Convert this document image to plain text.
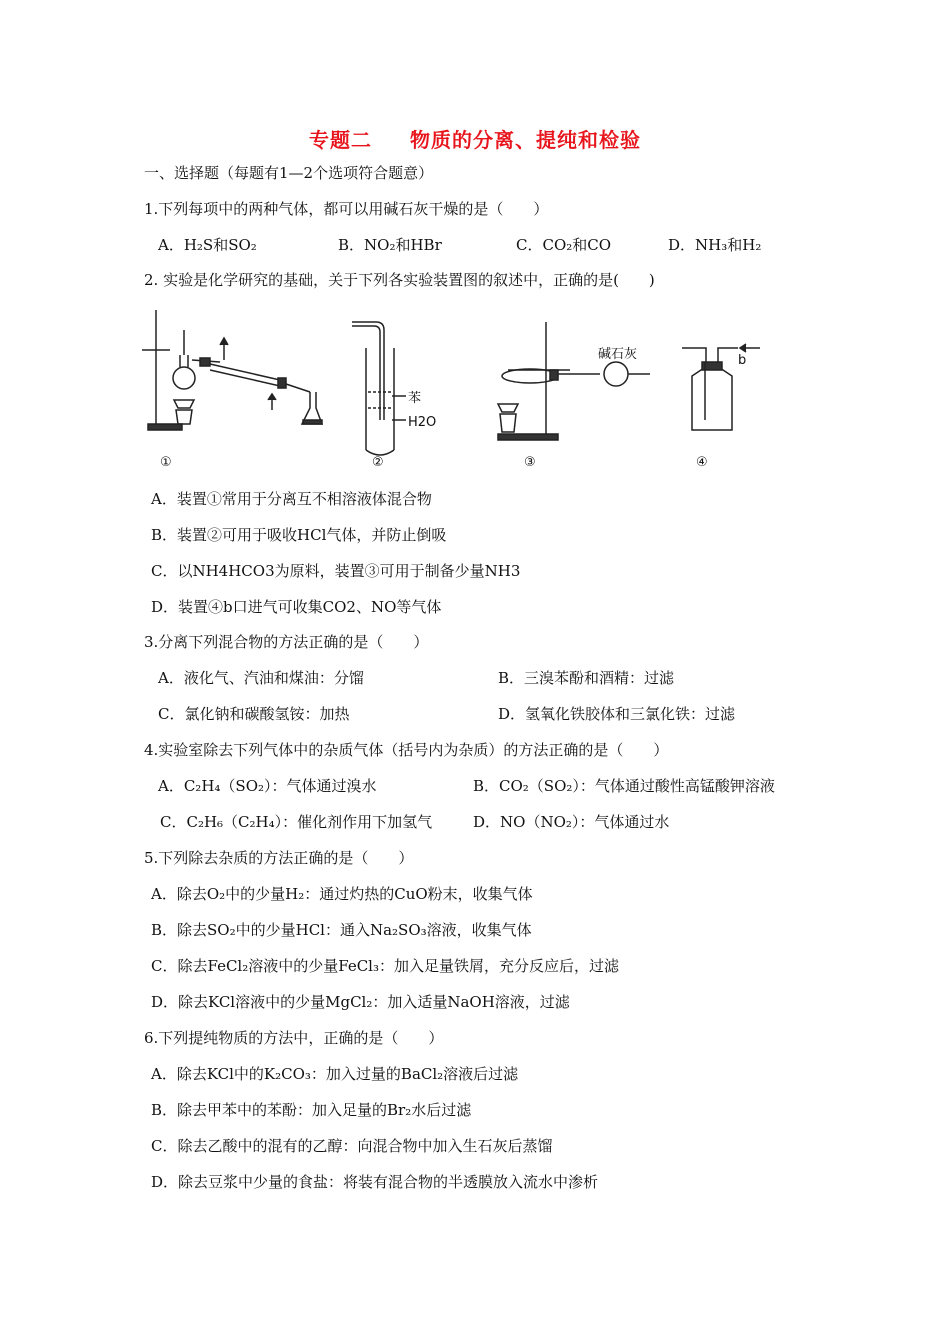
专题二 物质的分离、提纯和检验
一、选择题（每题有1—2个选项符合题意）
1.下列每项中的两种气体，都可以用碱石灰干燥的是（　　）
A．H₂S和SO₂	B．NO₂和HBr	C．CO₂和CO	D．NH₃和H₂
2. 实验是化学研究的基础，关于下列各实验装置图的叙述中，正确的是(　　)
①	②	③	④
苯
H2O
碱石灰	b
A．装置①常用于分离互不相溶液体混合物
B．装置②可用于吸收HCl气体，并防止倒吸
C．以NH4HCO3为原料，装置③可用于制备少量NH3
D．装置④b口进气可收集CO2、NO等气体
3.分离下列混合物的方法正确的是（　　）
A．液化气、汽油和煤油：分馏	B．三溴苯酚和酒精：过滤
C．氯化钠和碳酸氢铵：加热	D．氢氧化铁胶体和三氯化铁：过滤
4.实验室除去下列气体中的杂质气体（括号内为杂质）的方法正确的是（　　）
A．C₂H₄（SO₂）：气体通过溴水	B．CO₂（SO₂）：气体通过酸性高锰酸钾溶液
C．C₂H₆（C₂H₄）：催化剂作用下加氢气	D．NO（NO₂）：气体通过水
5.下列除去杂质的方法正确的是（　　）
A．除去O₂中的少量H₂：通过灼热的CuO粉末，收集气体
B．除去SO₂中的少量HCl：通入Na₂SO₃溶液，收集气体
C．除去FeCl₂溶液中的少量FeCl₃：加入足量铁屑，充分反应后，过滤
D．除去KCl溶液中的少量MgCl₂：加入适量NaOH溶液，过滤
6.下列提纯物质的方法中，正确的是（　　）
A．除去KCl中的K₂CO₃：加入过量的BaCl₂溶液后过滤
B．除去甲苯中的苯酚：加入足量的Br₂水后过滤
C．除去乙酸中的混有的乙醇：向混合物中加入生石灰后蒸馏
D．除去豆浆中少量的食盐：将装有混合物的半透膜放入流水中渗析
